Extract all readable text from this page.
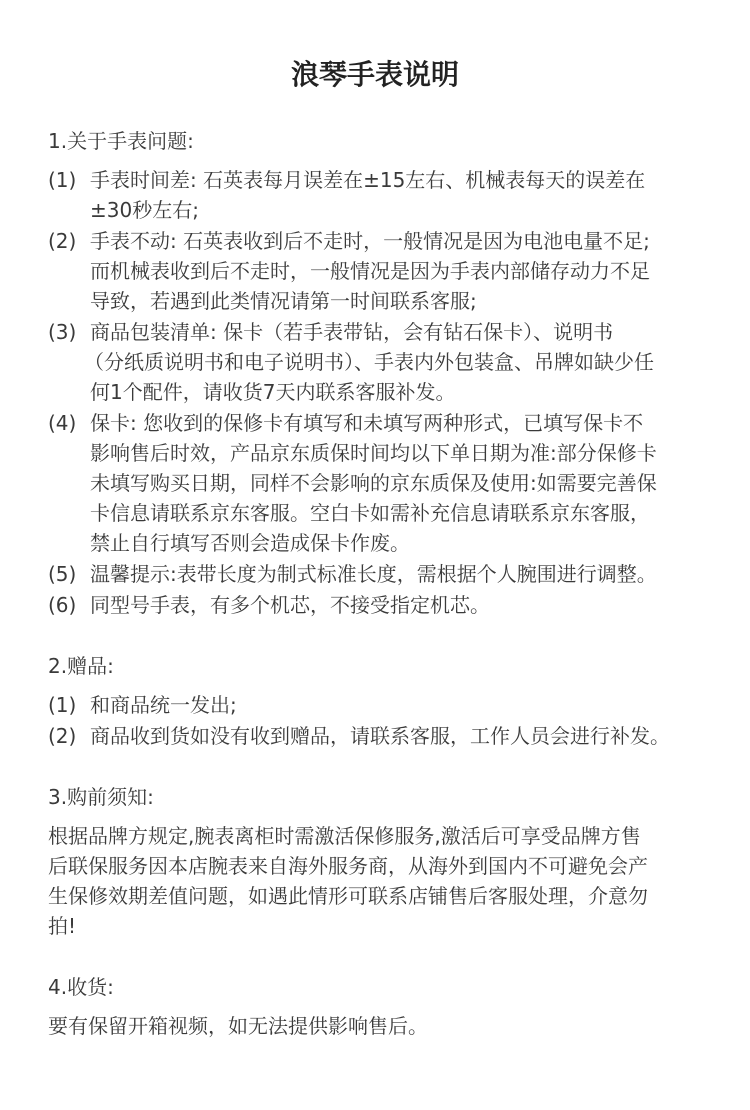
浪琴手表说明
1.关于手表问题:
(1) 手表时间差: 石英表每月误差在±15左右、机械表每天的误差在
±30秒左右;
(2) 手表不动: 石英表收到后不走时，一般情况是因为电池电量不足;
而机械表收到后不走时，一般情况是因为手表内部储存动力不足
导致，若遇到此类情况请第一时间联系客服;
(3) 商品包装清单: 保卡（若手表带钻，会有钻石保卡）、说明书
（分纸质说明书和电子说明书）、手表内外包装盒、吊牌如缺少任
何1个配件，请收货7天内联系客服补发。
(4) 保卡: 您收到的保修卡有填写和未填写两种形式，已填写保卡不
影响售后时效，产品京东质保时间均以下单日期为准:部分保修卡
未填写购买日期，同样不会影响的京东质保及使用:如需要完善保
卡信息请联系京东客服。空白卡如需补充信息请联系京东客服，
禁止自行填写否则会造成保卡作废。
(5) 温馨提示:表带长度为制式标准长度，需根据个人腕围进行调整。
(6) 同型号手表，有多个机芯，不接受指定机芯。
2.赠品:
(1) 和商品统一发出;
(2) 商品收到货如没有收到赠品，请联系客服，工作人员会进行补发。
3.购前须知:
根据品牌方规定,腕表离柜时需激活保修服务,激活后可享受品牌方售
后联保服务因本店腕表来自海外服务商，从海外到国内不可避免会产
生保修效期差值问题，如遇此情形可联系店铺售后客服处理，介意勿
拍!
4.收货:
要有保留开箱视频，如无法提供影响售后。
